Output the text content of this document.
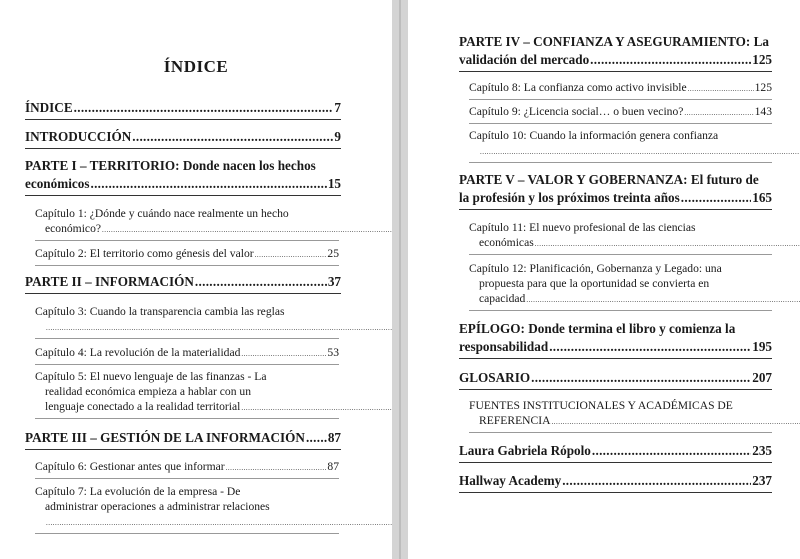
ÍNDICE
ÍNDICE .....	7
INTRODUCCIÓN .....	9
PARTE I – TERRITORIO: Donde nacen los hechos
económicos .....	15
Capítulo 1: ¿Dónde y cuándo nace realmente un hecho
económico? .....
Capítulo 2: El territorio como génesis del valor .....	25
PARTE II – INFORMACIÓN .....	37
Capítulo 3: Cuando la transparencia cambia las reglas
.....
Capítulo 4: La revolución de la materialidad .....	53
Capítulo 5: El nuevo lenguaje de las finanzas - La
realidad económica empieza a hablar con un
lenguaje conectado a la realidad territorial .....
PARTE III – GESTIÓN DE LA INFORMACIÓN ..... 87
Capítulo 6: Gestionar antes que informar .....	87
Capítulo 7: La evolución de la empresa - De
administrar operaciones a administrar relaciones
.....
PARTE IV – CONFIANZA Y ASEGURAMIENTO: La
validación del mercado .....	125
Capítulo 8: La confianza como activo invisible .....	125
Capítulo 9: ¿Licencia social… o buen vecino? .....	143
Capítulo 10: Cuando la información genera confianza
.....
PARTE V – VALOR Y GOBERNANZA: El futuro de
la profesión y los próximos treinta años .....	165
Capítulo 11: El nuevo profesional de las ciencias
económicas .....
Capítulo 12: Planificación, Gobernanza y Legado: una
propuesta para que la oportunidad se convierta en
capacidad .....
EPÍLOGO: Donde termina el libro y comienza la
responsabilidad .....	195
GLOSARIO .....	207
FUENTES INSTITUCIONALES Y ACADÉMICAS DE
REFERENCIA .....
Laura Gabriela Rópolo .....	235
Hallway Academy .....	237
